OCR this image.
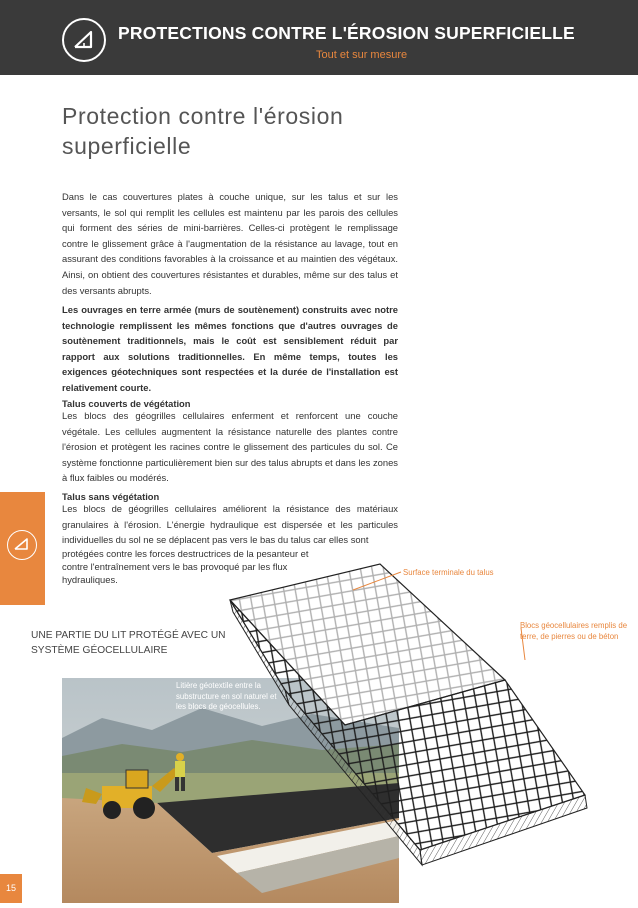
PROTECTIONS CONTRE L'ÉROSION SUPERFICIELLE
Tout et sur mesure
15
Protection contre l'érosion superficielle

Dans le cas couvertures plates à couche unique, sur les talus et sur les versants, le sol qui remplit les cellules est maintenu par les parois des cellules qui forment des séries de mini-barrières. Celles-ci protègent le remplissage contre le glissement grâce à l'augmentation de la résistance au lavage, tout en assurant des conditions favorables à la croissance et au maintien des végétaux. Ainsi, on obtient des couvertures résistantes et durables, même sur des talus et des versants abrupts.

Les ouvrages en terre armée (murs de soutènement) construits avec notre technologie remplissent les mêmes fonctions que d'autres ouvrages de soutènement traditionnels, mais le coût est sensiblement réduit par rapport aux solutions traditionnelles. En même temps, toutes les exigences géotechniques sont respectées et la durée de l'installation est relativement courte.

Talus couverts de végétation

Les blocs des géogrilles cellulaires enferment et renforcent une couche végétale. Les cellules augmentent la résistance naturelle des plantes contre l'érosion et protègent les racines contre le glissement des particules du sol. Ce système fonctionne particulièrement bien sur des talus abrupts et dans les zones à flux faibles ou modérés.

Talus sans végétation

Les blocs de géogrilles cellulaires améliorent la résistance des matériaux granulaires à l'érosion. L'énergie hydraulique est dispersée et les particules individuelles du sol ne se déplacent pas vers le bas du talus car elles sont

protégées contre les forces destructrices de la pesanteur et contre l'entraînement vers le bas provoqué par les flux hydrauliques.

UNE PARTIE DU LIT PROTÉGÉ AVEC UN SYSTÈME GÉOCELLULAIRE

Litière géotextile entre la substructure en sol naturel et les blocs de géocellules.

Surface terminale du talus

Blocs géocellulaires remplis de terre, de pierres ou de béton
